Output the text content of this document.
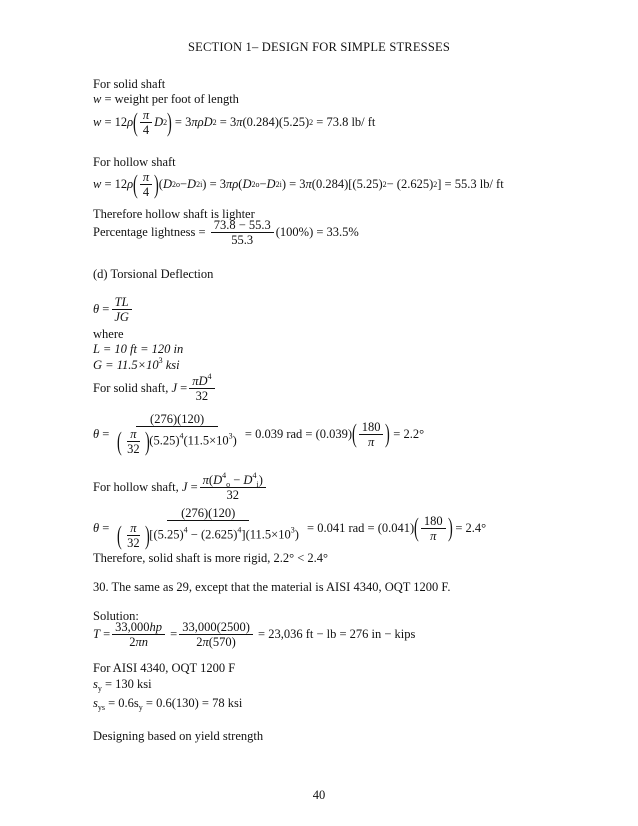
SECTION 1– DESIGN FOR SIMPLE STRESSES
For solid shaft
w = weight per foot of length
w = 12 ρ ( $\frac{\pi}{4}$ D 2 ) = 3 πρD 2 = 3 π (0.284)(5.25) 2
= 73.8 lb/ ft
For hollow shaft
w = 12 ρ ( $\frac{\pi}{4}$ ) ( D 2 o − D 2 i ) = 3 πρ ( D 2 o − D 2 i ) = 3 π (0.284)[(5.25) 2 − (2.625) 2 ] = 55.3 lb/ ft
Therefore hollow shaft is lighter
Percentage lightness =
$\frac{73.8 - 55.3}{55.3} (100\%) = 33.5\%$
(d) Torsional Deflection
$\theta = \frac{TL}{JG}$
where
L = 10 ft = 120 in
$G = 11.5\times 10^3$ ksi
For solid shaft,
$J = \frac{\pi D^4}{32}$
$\theta = \frac{(276)(120)}{( \frac{\pi}{32} )(5.25)^4(11.5\times 10^3)}$
= 0.039 rad = (0.039) ( $\frac{180}{\pi}$ )
= 2.2°
For hollow shaft,
$J = \frac{\pi(D^4_o - D^4_i)}{32}$
$\theta = \frac{(276)(120)}{( \frac{\pi}{32} )[(5.25)^4 - (2.625)^4](11.5\times 10^3)}$
= 0.041 rad = (0.041) ( $\frac{180}{\pi}$ )
= 2.4°
Therefore, solid shaft is more rigid, 2.2° < 2.4°
30. The same as 29, except that the material is AISI 4340, OQT 1200 F.
Solution:
$T = \frac{33,000hp}{2\pi n} = \frac{33,000(2500)}{2\pi(570)}$
= 23,036 ft − lb = 276 in − kips
For AISI 4340, OQT 1200 F
$s_y = 130$ ksi
$s_{ys} = 0.6s_y = 0.6(130) = 78$ ksi
Designing based on yield strength
40
